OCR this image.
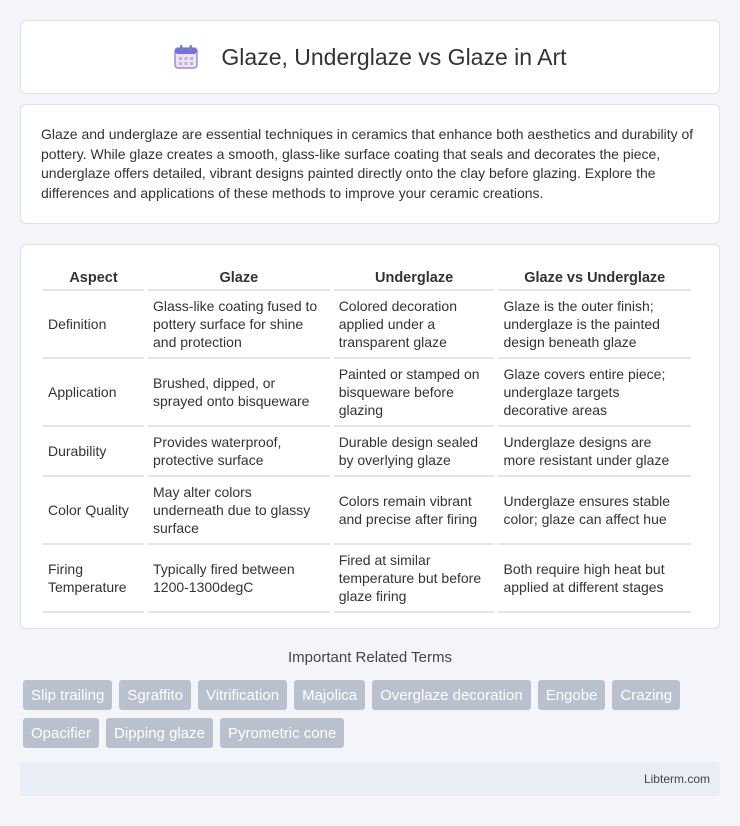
Glaze, Underglaze vs Glaze in Art

Glaze and underglaze are essential techniques in ceramics that enhance both aesthetics and durability of pottery. While glaze creates a smooth, glass-like surface coating that seals and decorates the piece, underglaze offers detailed, vibrant designs painted directly onto the clay before glazing. Explore the differences and applications of these methods to improve your ceramic creations.

Aspect	Glaze	Underglaze	Glaze vs Underglaze
Definition	Glass-like coating fused to pottery surface for shine and protection	Colored decoration applied under a transparent glaze	Glaze is the outer finish; underglaze is the painted design beneath glaze
Application	Brushed, dipped, or sprayed onto bisqueware	Painted or stamped on bisqueware before glazing	Glaze covers entire piece; underglaze targets decorative areas
Durability	Provides waterproof, protective surface	Durable design sealed by overlying glaze	Underglaze designs are more resistant under glaze
Color Quality	May alter colors underneath due to glassy surface	Colors remain vibrant and precise after firing	Underglaze ensures stable color; glaze can affect hue
Firing Temperature	Typically fired between 1200-1300degC	Fired at similar temperature but before glaze firing	Both require high heat but applied at different stages
Important Related Terms
Slip trailing	Sgraffito	Vitrification	Majolica	Overglaze decoration	Engobe	Crazing
Opacifier	Dipping glaze	Pyrometric cone
Libterm.com
